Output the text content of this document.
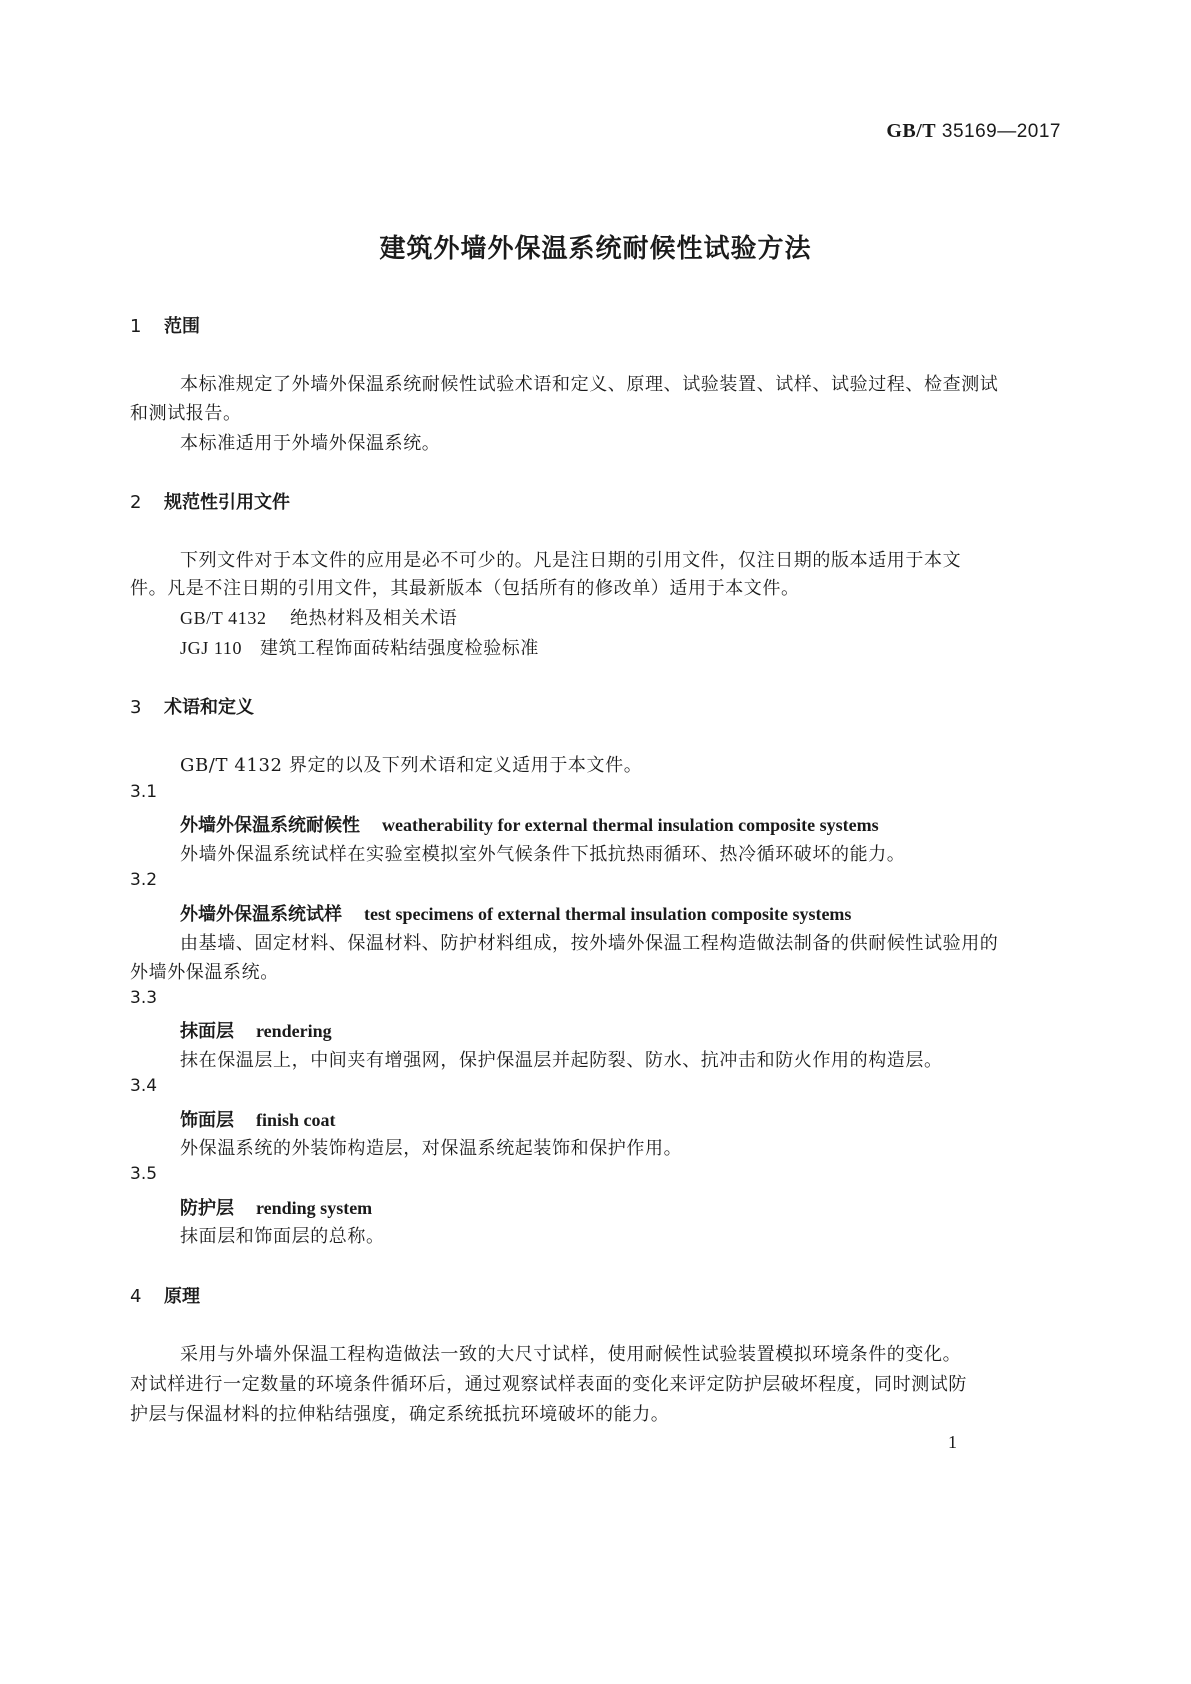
GB/T 35169—2017
建筑外墙外保温系统耐候性试验方法
1 范围
本标准规定了外墙外保温系统耐候性试验术语和定义、原理、试验装置、试样、试验过程、检查测试
和测试报告。
本标准适用于外墙外保温系统。
2 规范性引用文件
下列文件对于本文件的应用是必不可少的。凡是注日期的引用文件，仅注日期的版本适用于本文
件。凡是不注日期的引用文件，其最新版本（包括所有的修改单）适用于本文件。
GB/T 4132 绝热材料及相关术语
JGJ 110 建筑工程饰面砖粘结强度检验标准
3 术语和定义
GB/T 4132 界定的以及下列术语和定义适用于本文件。
3.1
外墙外保温系统耐候性 weatherability for external thermal insulation composite systems
外墙外保温系统试样在实验室模拟室外气候条件下抵抗热雨循环、热冷循环破坏的能力。
3.2
外墙外保温系统试样 test specimens of external thermal insulation composite systems
由基墙、固定材料、保温材料、防护材料组成，按外墙外保温工程构造做法制备的供耐候性试验用的
外墙外保温系统。
3.3
抹面层 rendering
抹在保温层上，中间夹有增强网，保护保温层并起防裂、防水、抗冲击和防火作用的构造层。
3.4
饰面层 finish coat
外保温系统的外装饰构造层，对保温系统起装饰和保护作用。
3.5
防护层 rending system
抹面层和饰面层的总称。
4 原理
采用与外墙外保温工程构造做法一致的大尺寸试样，使用耐候性试验装置模拟环境条件的变化。
对试样进行一定数量的环境条件循环后，通过观察试样表面的变化来评定防护层破坏程度，同时测试防
护层与保温材料的拉伸粘结强度，确定系统抵抗环境破坏的能力。
1
